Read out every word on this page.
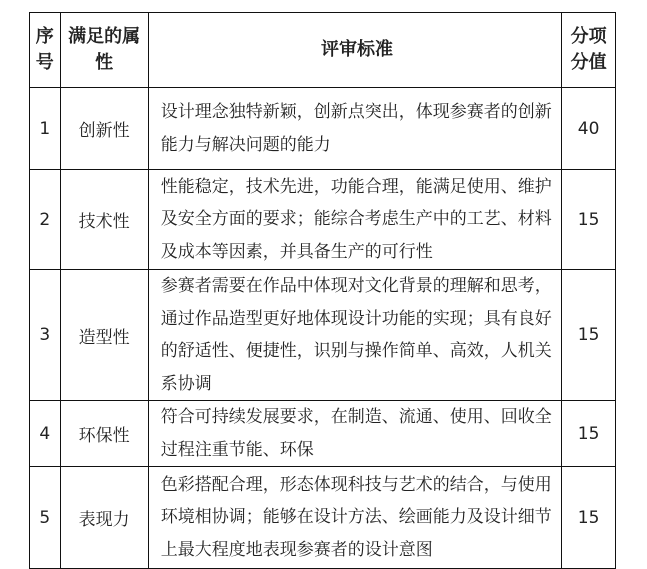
序号	满足的属性	评审标准	分项分值
1	创新性	设计理念独特新颖，创新点突出，体现参赛者的创新能力与解决问题的能力	40
2	技术性	性能稳定，技术先进，功能合理，能满足使用、维护及安全方面的要求；能综合考虑生产中的工艺、材料及成本等因素，并具备生产的可行性	15
3	造型性	参赛者需要在作品中体现对文化背景的理解和思考，通过作品造型更好地体现设计功能的实现；具有良好的舒适性、便捷性，识别与操作简单、高效，人机关系协调	15
4	环保性	符合可持续发展要求，在制造、流通、使用、回收全过程注重节能、环保	15
5	表现力	色彩搭配合理，形态体现科技与艺术的结合，与使用环境相协调；能够在设计方法、绘画能力及设计细节上最大程度地表现参赛者的设计意图	15
